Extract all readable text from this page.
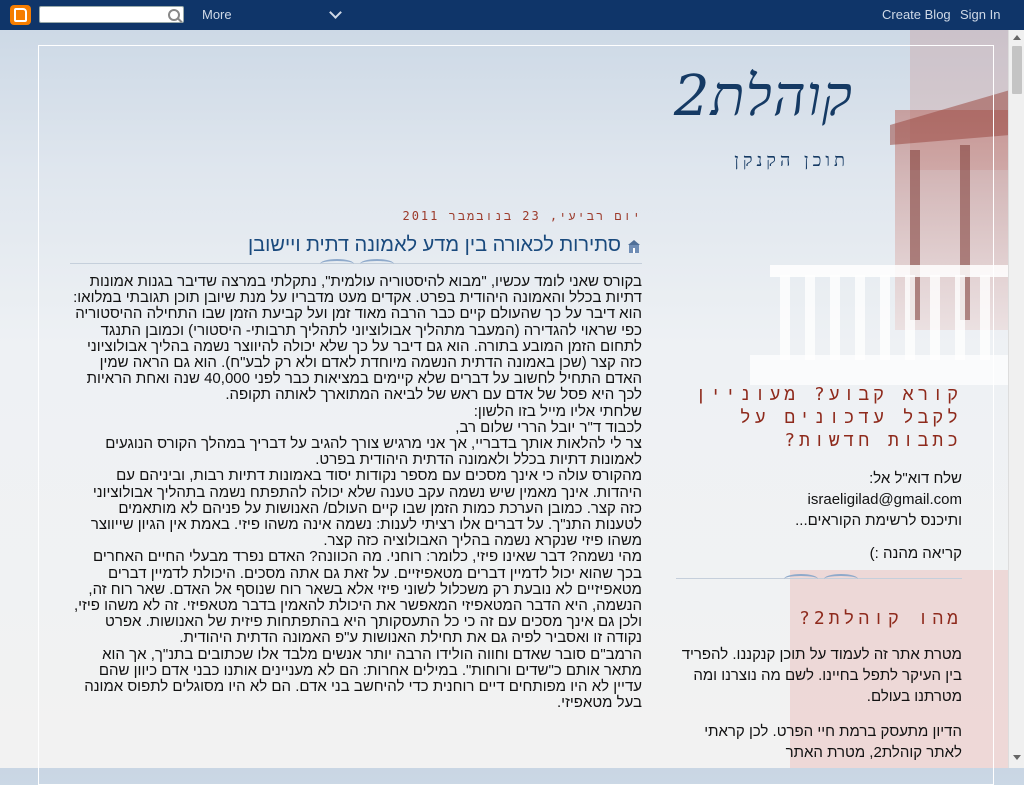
More	Create Blog Sign In
קוהלת2
תוכן הקנקן
יום רביעי, 23 בנובמבר 2011
סתירות לכאורה בין מדע לאמונה דתית ויישובן

בקורס שאני לומד עכשיו, "מבוא להיסטוריה עולמית", נתקלתי במרצה שדיבר בגנות אמונות דתיות בכלל והאמונה היהודית בפרט. אקדים מעט מדבריו על מנת שיובן תוכן תגובתי במלואו: הוא דיבר על כך שהעולם קיים כבר הרבה מאוד זמן ועל קביעת הזמן שבו התחילה ההיסטוריה כפי שראוי להגדירה (המעבר מתהליך אבולוציוני לתהליך תרבותי- היסטורי) וכמובן התנגד לתחום הזמן המובע בתורה. הוא גם דיבר על כך שלא יכולה להיווצר נשמה בהליך אבולוציוני כזה קצר (שכן באמונה הדתית הנשמה מיוחדת לאדם ולא רק לבע"ח). הוא גם הראה שמין האדם התחיל לחשוב על דברים שלא קיימים במציאות כבר לפני 40,000 שנה ואחת הראיות לכך היא פסל של אדם עם ראש של לביאה המתוארך לאותה תקופה.

שלחתי אליו מייל בזו הלשון:

לכבוד ד"ר יובל הררי שלום רב,

צר לי להלאות אותך בדבריי, אך אני מרגיש צורך להגיב על דבריך במהלך הקורס הנוגעים לאמונות דתיות בכלל ולאמונה הדתית היהודית בפרט.

מהקורס עולה כי אינך מסכים עם מספר נקודות יסוד באמונות דתיות רבות, וביניהם עם היהדות. אינך מאמין שיש נשמה עקב טענה שלא יכולה להתפתח נשמה בתהליך אבולוציוני כזה קצר. כמובן הערכת כמות הזמן שבו קיים העולם/ האנושות על פניהם לא מותאמים לטענות התנ"ך. על דברים אלו רציתי לענות: נשמה אינה משהו פיזי. באמת אין הגיון שייווצר משהו פיזי שנקרא נשמה בהליך האבולוציה כזה קצר.

מהי נשמה? דבר שאינו פיזי, כלומר: רוחני. מה הכוונה? האדם נפרד מבעלי החיים האחרים בכך שהוא יכול לדמיין דברים מטאפיזיים. על זאת גם אתה מסכים. היכולת לדמיין דברים מטאפיזיים לא נובעת רק משכלול לשוני פיזי אלא בשאר רוח שנוסף אל האדם. שאר רוח זה, הנשמה, היא הדבר המטאפיזי המאפשר את היכולת להאמין בדבר מטאפיזי. זה לא משהו פיזי, ולכן גם אינך מסכים עם זה כי כל התעסקותך היא בהתפתחות פיזית של האנושות. אפרט נקודה זו ואסביר לפיה גם את תחילת האנושות ע"פ האמונה הדתית היהודית.

הרמב"ם סובר שאדם וחווה הולידו הרבה יותר אנשים מלבד אלו שכתובים בתנ"ך, אך הוא מתאר אותם כ"שדים ורוחות". במילים אחרות: הם לא מעניינים אותנו כבני אדם כיוון שהם עדיין לא היו מפותחים דיים רוחנית כדי להיחשב בני אדם. הם לא היו מסוגלים לתפוס אמונה בעל מטאפיזי.

קורא קבוע? מעוניין לקבל עדכונים על כתבות חדשות?
שלח דוא"ל אל:
israeligilad@gmail.com
ותיכנס לרשימת הקוראים...
קריאה מהנה :)
מהו קוהלת2?
מטרת אתר זה לעמוד על תוכן קנקננו. להפריד בין העיקר לתפל בחיינו. לשם מה נוצרנו ומה מטרתנו בעולם.
הדיון מתעסק ברמת חיי הפרט. לכן קראתי לאתר קוהלת2, מטרת האתר
